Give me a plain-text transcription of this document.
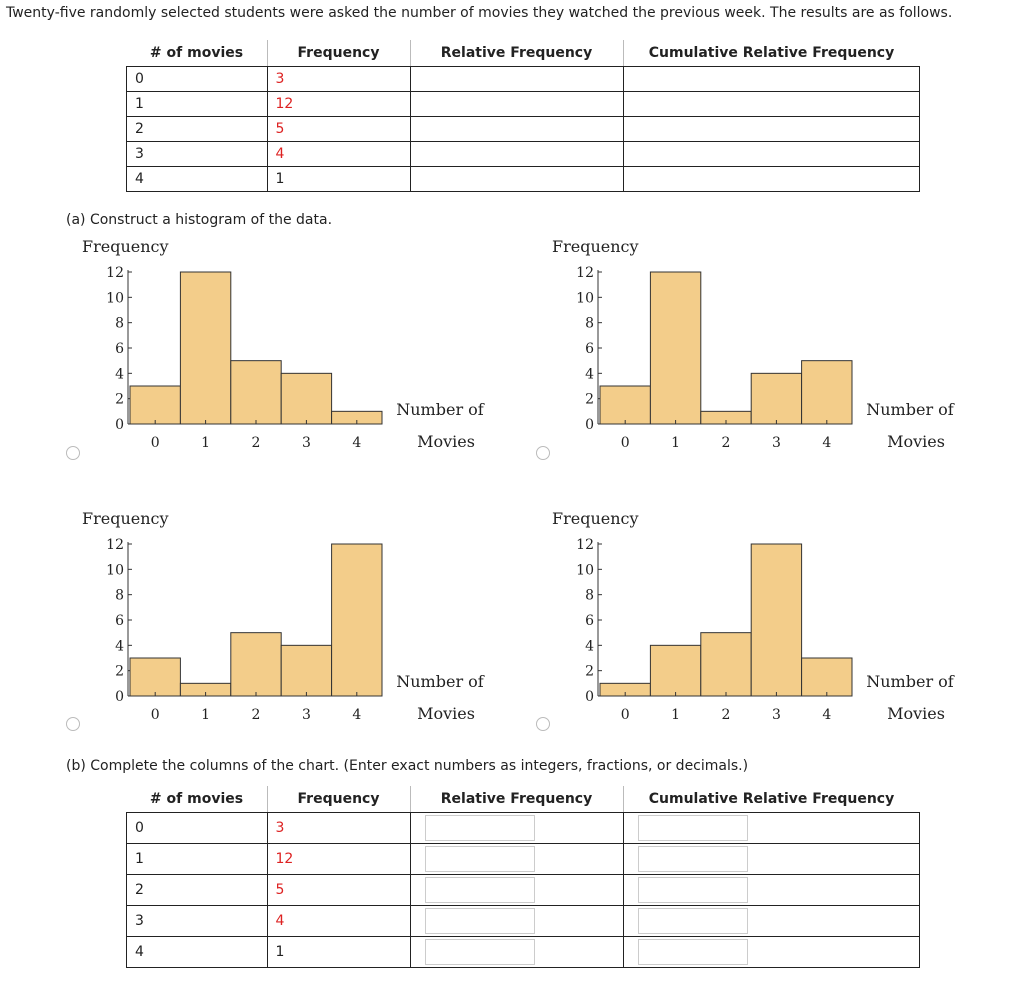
Twenty-five randomly selected students were asked the number of movies they watched the previous week. The results are as follows.
# of movies	Frequency	Relative Frequency	Cumulative Relative Frequency
0	3		
1	12		
2	5		
3	4		
4	1		
(a) Construct a histogram of the data.
Frequency
0
2
4
6
8
10
12
0	1	2	3	4
Number of
Movies
Frequency
0
2
4
6
8
10
12
0	1	2	3	4
Number of
Movies
Frequency
0
2
4
6
8
10
12
0	1	2	3	4
Number of
Movies
Frequency
0
2
4
6
8
10
12
0	1	2	3	4
Number of
Movies
(b) Complete the columns of the chart. (Enter exact numbers as integers, fractions, or decimals.)
# of movies	Frequency	Relative Frequency	Cumulative Relative Frequency
0	3	

1	12	

2	5	

3	4	

4	1	
